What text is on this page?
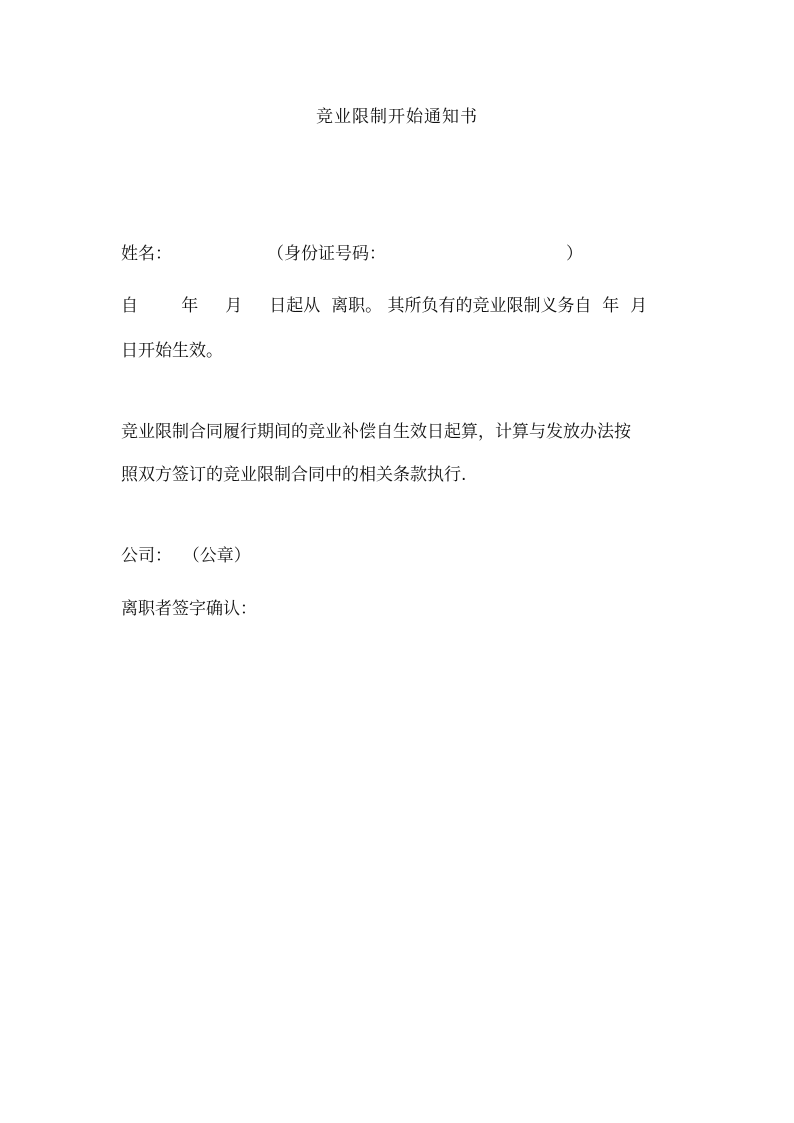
竞业限制开始通知书
姓名：	（身份证号码：	）
自        年     月     日起从  离职。 其所负有的竞业限制义务自  年  月
日开始生效。
竞业限制合同履行期间的竞业补偿自生效日起算，计算与发放办法按
照双方签订的竞业限制合同中的相关条款执行.
公司：  （公章）
离职者签字确认：
